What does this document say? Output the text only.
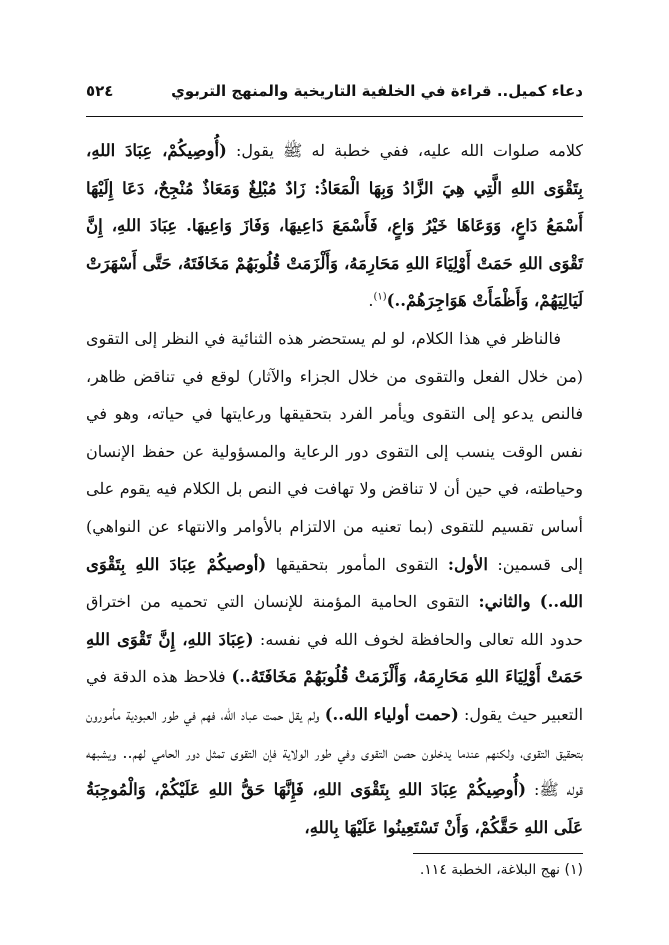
دعاء كميل.. قراءة في الخلفية التاريخية والمنهج التربوي
٥٢٤

كلامه صلوات الله عليه، ففي خطبة له ﷺ يقول: (أُوصِيكُمْ، عِبَادَ اللهِ، بِتَقْوَى اللهِ الَّتِي هِيَ الزَّادُ وَبِهَا الْمَعَاذُ: زَادٌ مُبْلِغٌ وَمَعَاذٌ مُنْجِحٌ، دَعَا إِلَيْهَا أَسْمَعُ دَاعٍ، وَوَعَاهَا خَيْرُ وَاعٍ، فَأَسْمَعَ دَاعِيهَا، وَفَازَ وَاعِيهَا. عِبَادَ اللهِ، إِنَّ تَقْوَى اللهِ حَمَتْ أَوْلِيَاءَ اللهِ مَحَارِمَهُ، وَأَلْزَمَتْ قُلُوبَهُمْ مَخَافَتَهُ، حَتَّى أَسْهَرَتْ لَيَالِيَهُمْ، وَأَظْمَأَتْ هَوَاجِرَهُمْ..)$^{(١)}$.

فالناظر في هذا الكلام، لو لم يستحضر هذه الثنائية في النظر إلى التقوى (من خلال الفعل والتقوى من خلال الجزاء والآثار) لوقع في تناقض ظاهر، فالنص يدعو إلى التقوى ويأمر الفرد بتحقيقها ورعايتها في حياته، وهو في نفس الوقت ينسب إلى التقوى دور الرعاية والمسؤولية عن حفظ الإنسان وحياطته، في حين أن لا تناقض ولا تهافت في النص بل الكلام فيه يقوم على أساس تقسيم للتقوى (بما تعنيه من الالتزام بالأوامر والانتهاء عن النواهي) إلى قسمين: الأول: التقوى المأمور بتحقيقها (أوصيكُمْ عِبَادَ اللهِ بِتَقْوَى الله..) والثاني: التقوى الحامية المؤمنة للإنسان التي تحميه من اختراق حدود الله تعالى والحافظة لخوف الله في نفسه: (عِبَادَ اللهِ، إِنَّ تَقْوَى اللهِ حَمَتْ أَوْلِيَاءَ اللهِ مَحَارِمَهُ، وَأَلْزَمَتْ قُلُوبَهُمْ مَخَافَتَهُ..) فلاحظ هذه الدقة في التعبير حيث يقول: (حمت أولياء الله..) ولم يقل حمت عباد الله، فهم في طور العبودية مأمورون بتحقيق التقوى، ولكنهم عندما يدخلون حصن التقوى وفي طور الولاية فإن التقوى تمثل دور الحامي لهم.. ويشبهه قوله ﷺ: (أُوصِيكُمْ عِبَادَ اللهِ بِتَقْوَى اللهِ، فَإِنَّهَا حَقُّ اللهِ عَلَيْكُمْ، وَالْمُوجِبَةُ عَلَى اللهِ حَقَّكُمْ، وَأَنْ تَسْتَعِينُوا عَلَيْهَا بِاللهِ،

(١) نهج البلاغة، الخطبة ١١٤.
